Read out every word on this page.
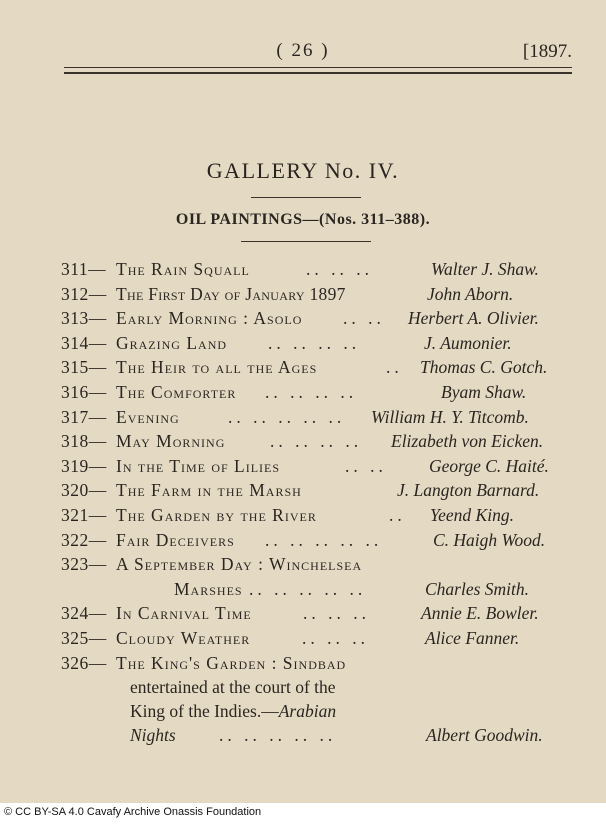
( 26 )	[1897.
GALLERY No. IV.
OIL PAINTINGS—(Nos. 311–388).
311— The Rain Squall	.. .. ..	Walter J. Shaw.
312— The First Day of January 1897	John Aborn.
313— Early Morning : Asolo .. .. Herbert A. Olivier.
314— Grazing Land .. .. .. ..	J. Aumonier.
315— The Heir to all the Ages	.. Thomas C. Gotch.
316— The Comforter .. .. .. ..	Byam Shaw.
317— Evening	.. .. .. .. .. William H. Y. Titcomb.
318— May Morning	.. .. .. .. Elizabeth von Eicken.
319— In the Time of Lilies	.. .. George C. Haité.
320— The Farm in the Marsh	J. Langton Barnard.
321— The Garden by the River	.. Yeend King.
322— Fair Deceivers .. .. .. .. ..	C. Haigh Wood.
323— A September Day : Winchelsea
Marshes .. .. .. .. ..	Charles Smith.
324— In Carnival Time	.. .. ..	Annie E. Bowler.
325— Cloudy Weather	.. .. ..	Alice Fanner.
326— The King's Garden : Sindbad
entertained at the court of the
King of the Indies.—Arabian
Nights .. .. .. .. ..	Albert Goodwin.
© CC BY-SA 4.0 Cavafy Archive Onassis Foundation
